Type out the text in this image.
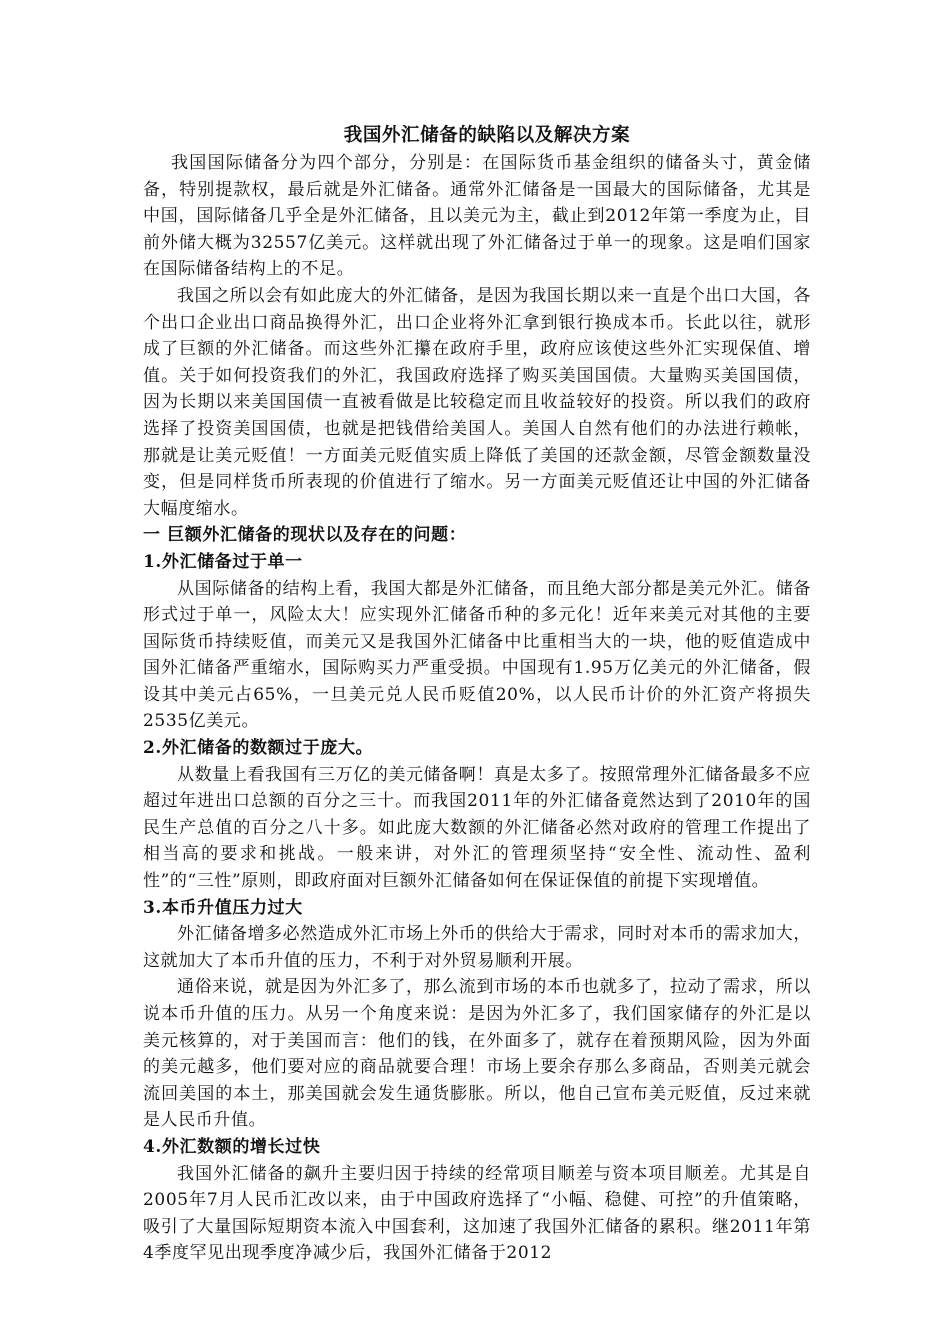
我国外汇储备的缺陷以及解决方案

我国国际储备分为四个部分，分别是：在国际货币基金组织的储备头寸，黄金储备，特别提款权，最后就是外汇储备。通常外汇储备是一国最大的国际储备，尤其是中国，国际储备几乎全是外汇储备，且以美元为主，截止到2012年第一季度为止，目前外储大概为32557亿美元。这样就出现了外汇储备过于单一的现象。这是咱们国家在国际储备结构上的不足。

我国之所以会有如此庞大的外汇储备，是因为我国长期以来一直是个出口大国，各个出口企业出口商品换得外汇，出口企业将外汇拿到银行换成本币。长此以往，就形成了巨额的外汇储备。而这些外汇攥在政府手里，政府应该使这些外汇实现保值、增值。关于如何投资我们的外汇，我国政府选择了购买美国国债。大量购买美国国债，因为长期以来美国国债一直被看做是比较稳定而且收益较好的投资。所以我们的政府选择了投资美国国债，也就是把钱借给美国人。美国人自然有他们的办法进行赖帐，那就是让美元贬值！一方面美元贬值实质上降低了美国的还款金额，尽管金额数量没变，但是同样货币所表现的价值进行了缩水。另一方面美元贬值还让中国的外汇储备大幅度缩水。

一 巨额外汇储备的现状以及存在的问题：
1.外汇储备过于单一

从国际储备的结构上看，我国大都是外汇储备，而且绝大部分都是美元外汇。储备形式过于单一，风险太大！应实现外汇储备币种的多元化！近年来美元对其他的主要国际货币持续贬值，而美元又是我国外汇储备中比重相当大的一块，他的贬值造成中国外汇储备严重缩水，国际购买力严重受损。中国现有1.95万亿美元的外汇储备，假设其中美元占65%，一旦美元兑人民币贬值20%，以人民币计价的外汇资产将损失2535亿美元。

2.外汇储备的数额过于庞大。

从数量上看我国有三万亿的美元储备啊！真是太多了。按照常理外汇储备最多不应超过年进出口总额的百分之三十。而我国2011年的外汇储备竟然达到了2010年的国民生产总值的百分之八十多。如此庞大数额的外汇储备必然对政府的管理工作提出了相当高的要求和挑战。一般来讲，对外汇的管理须坚持“安全性、流动性、盈利性”的“三性”原则，即政府面对巨额外汇储备如何在保证保值的前提下实现增值。

3.本币升值压力过大

外汇储备增多必然造成外汇市场上外币的供给大于需求，同时对本币的需求加大，这就加大了本币升值的压力，不利于对外贸易顺利开展。

通俗来说，就是因为外汇多了，那么流到市场的本币也就多了，拉动了需求，所以说本币升值的压力。从另一个角度来说：是因为外汇多了，我们国家储存的外汇是以美元核算的，对于美国而言：他们的钱，在外面多了，就存在着预期风险，因为外面的美元越多，他们要对应的商品就要合理！市场上要余存那么多商品，否则美元就会流回美国的本土，那美国就会发生通货膨胀。所以，他自己宣布美元贬值，反过来就是人民币升值。

4.外汇数额的增长过快

我国外汇储备的飙升主要归因于持续的经常项目顺差与资本项目顺差。尤其是自2005年7月人民币汇改以来，由于中国政府选择了“小幅、稳健、可控”的升值策略，吸引了大量国际短期资本流入中国套利，这加速了我国外汇储备的累积。继2011年第4季度罕见出现季度净减少后，我国外汇储备于2012
